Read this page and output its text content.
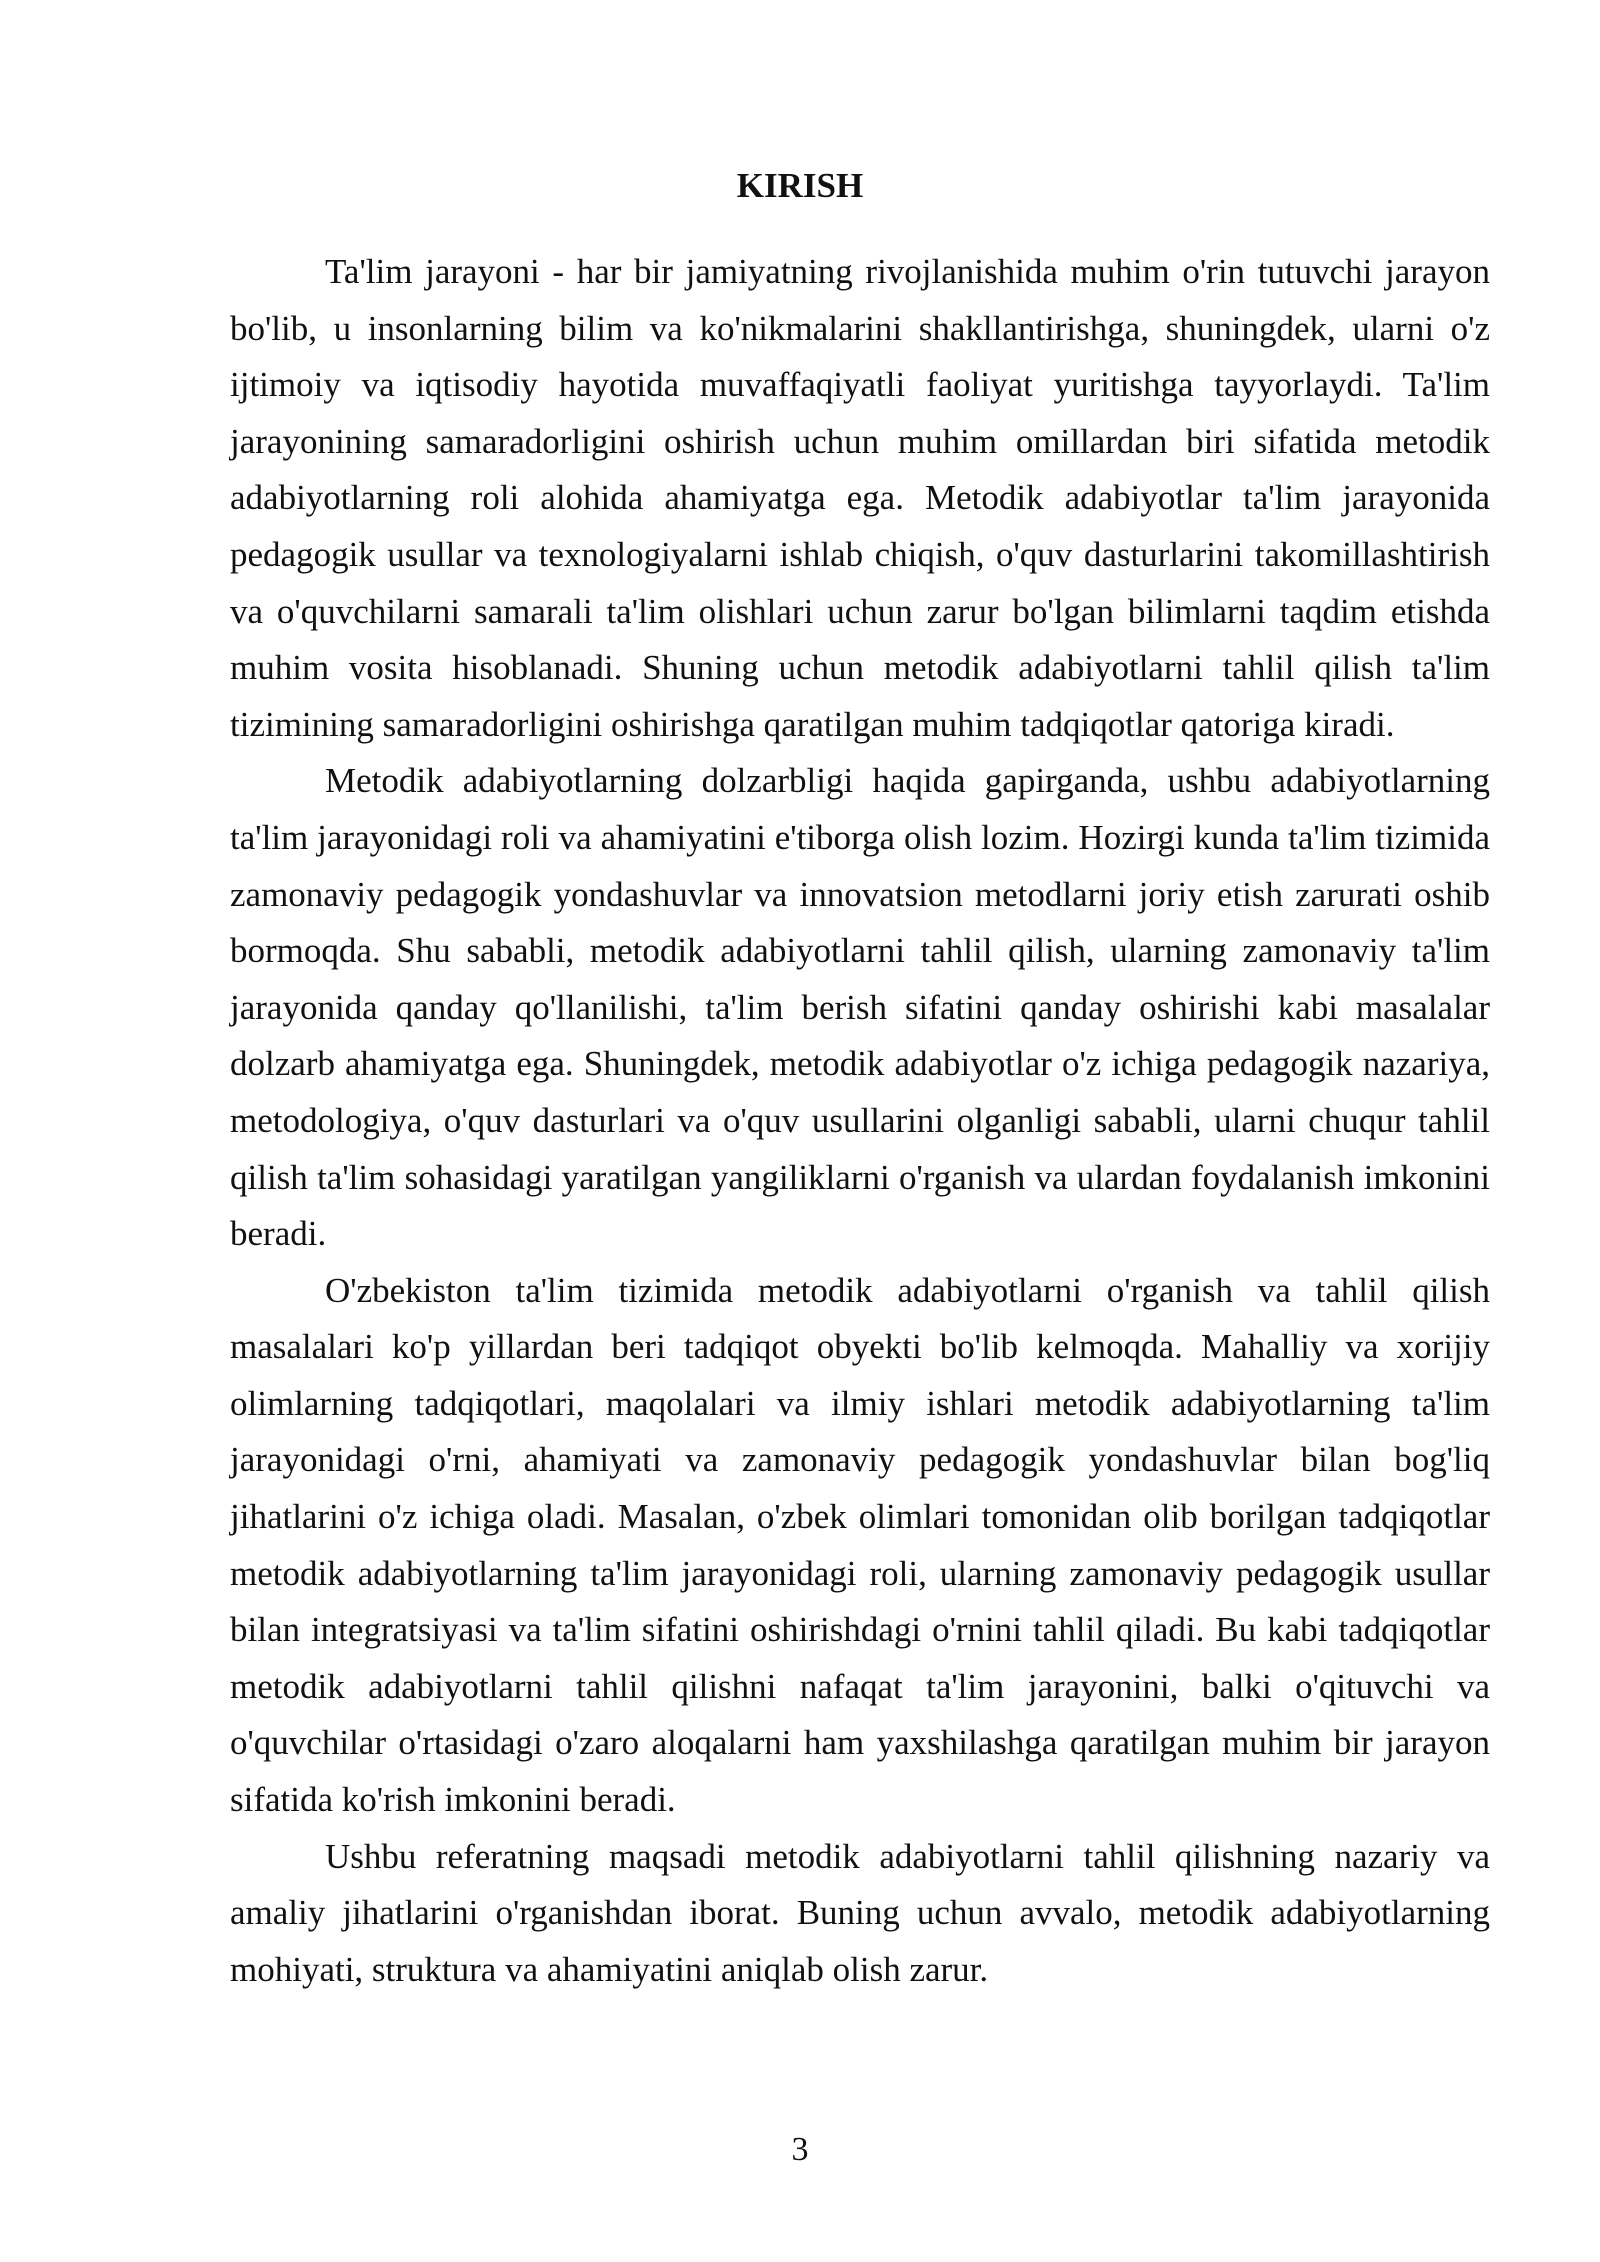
KIRISH

Ta'lim jarayoni - har bir jamiyatning rivojlanishida muhim o'rin tutuvchi jarayon bo'lib, u insonlarning bilim va ko'nikmalarini shakllantirishga, shuningdek, ularni o'z ijtimoiy va iqtisodiy hayotida muvaffaqiyatli faoliyat yuritishga tayyorlaydi. Ta'lim jarayonining samaradorligini oshirish uchun muhim omillardan biri sifatida metodik adabiyotlarning roli alohida ahamiyatga ega. Metodik adabiyotlar ta'lim jarayonida pedagogik usullar va texnologiyalarni ishlab chiqish, o'quv dasturlarini takomillashtirish va o'quvchilarni samarali ta'lim olishlari uchun zarur bo'lgan bilimlarni taqdim etishda muhim vosita hisoblanadi. Shuning uchun metodik adabiyotlarni tahlil qilish ta'lim tizimining samaradorligini oshirishga qaratilgan muhim tadqiqotlar qatoriga kiradi.

Metodik adabiyotlarning dolzarbligi haqida gapirganda, ushbu adabiyotlarning ta'lim jarayonidagi roli va ahamiyatini e'tiborga olish lozim. Hozirgi kunda ta'lim tizimida zamonaviy pedagogik yondashuvlar va innovatsion metodlarni joriy etish zarurati oshib bormoqda. Shu sababli, metodik adabiyotlarni tahlil qilish, ularning zamonaviy ta'lim jarayonida qanday qo'llanilishi, ta'lim berish sifatini qanday oshirishi kabi masalalar dolzarb ahamiyatga ega. Shuningdek, metodik adabiyotlar o'z ichiga pedagogik nazariya, metodologiya, o'quv dasturlari va o'quv usullarini olganligi sababli, ularni chuqur tahlil qilish ta'lim sohasidagi yaratilgan yangiliklarni o'rganish va ulardan foydalanish imkonini beradi.

O'zbekiston ta'lim tizimida metodik adabiyotlarni o'rganish va tahlil qilish masalalari ko'p yillardan beri tadqiqot obyekti bo'lib kelmoqda. Mahalliy va xorijiy olimlarning tadqiqotlari, maqolalari va ilmiy ishlari metodik adabiyotlarning ta'lim jarayonidagi o'rni, ahamiyati va zamonaviy pedagogik yondashuvlar bilan bog'liq jihatlarini o'z ichiga oladi. Masalan, o'zbek olimlari tomonidan olib borilgan tadqiqotlar metodik adabiyotlarning ta'lim jarayonidagi roli, ularning zamonaviy pedagogik usullar bilan integratsiyasi va ta'lim sifatini oshirishdagi o'rnini tahlil qiladi. Bu kabi tadqiqotlar metodik adabiyotlarni tahlil qilishni nafaqat ta'lim jarayonini, balki o'qituvchi va o'quvchilar o'rtasidagi o'zaro aloqalarni ham yaxshilashga qaratilgan muhim bir jarayon sifatida ko'rish imkonini beradi.

Ushbu referatning maqsadi metodik adabiyotlarni tahlil qilishning nazariy va amaliy jihatlarini o'rganishdan iborat. Buning uchun avvalo, metodik adabiyotlarning mohiyati, struktura va ahamiyatini aniqlab olish zarur.

3
